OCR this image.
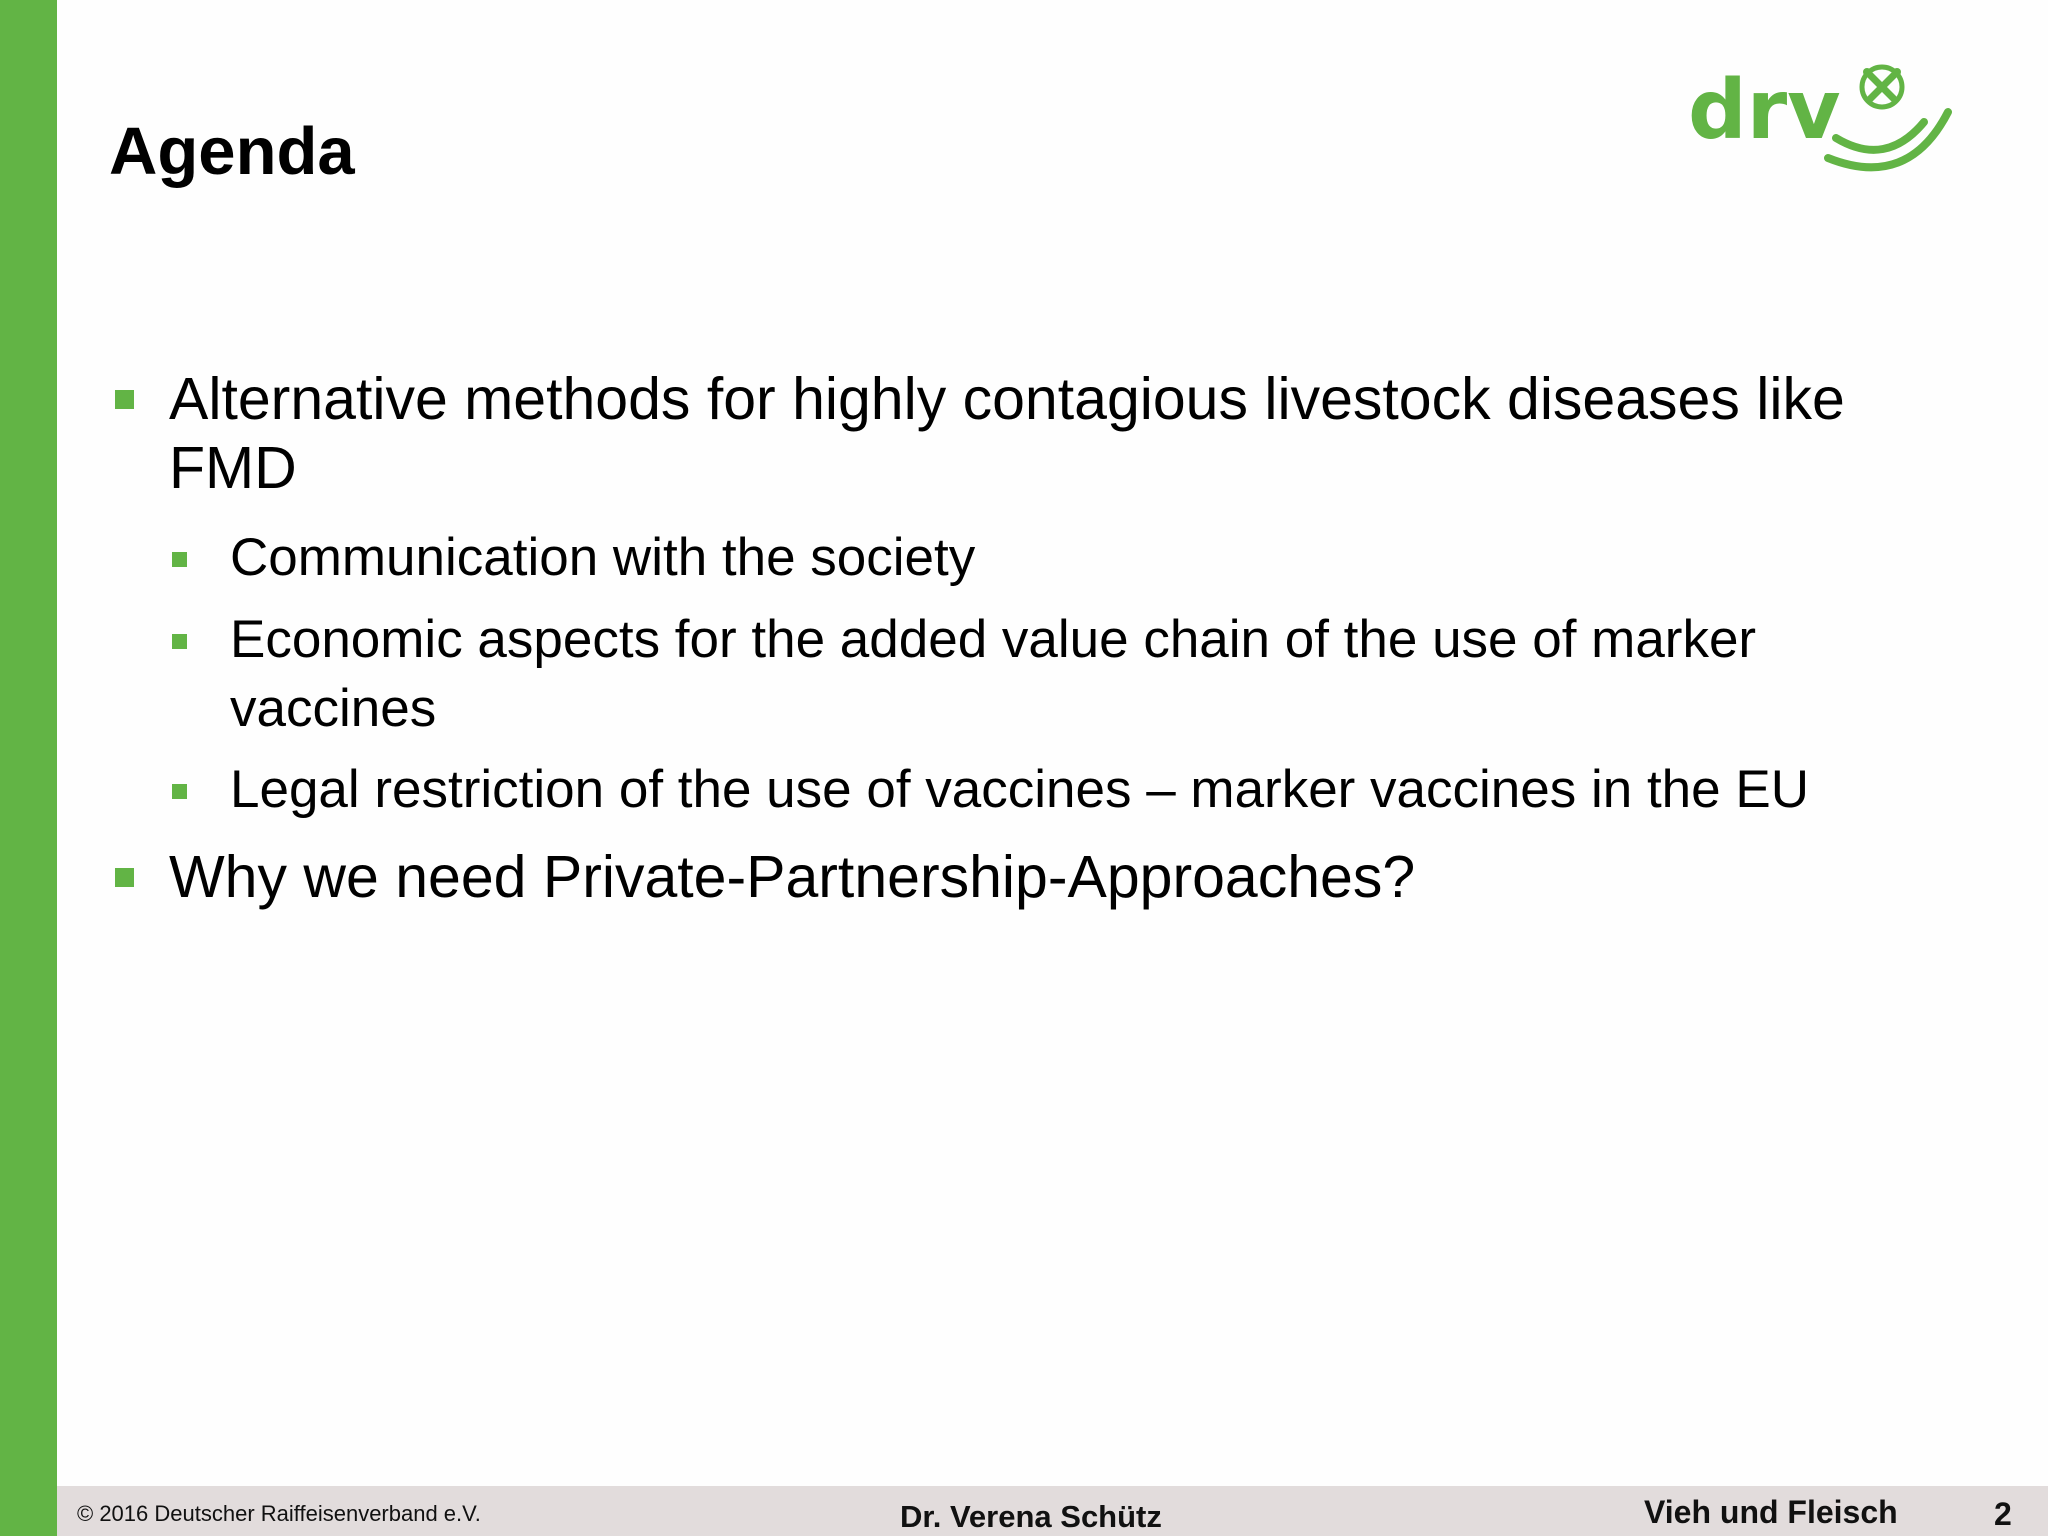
Agenda	drv
Alternative methods for highly contagious livestock diseases like
FMD
Communication with the society
Economic aspects for the added value chain of the use of marker
vaccines
Legal restriction of the use of vaccines – marker vaccines in the EU
Why we need Private-Partnership-Approaches?
© 2016 Deutscher Raiffeisenverband e.V.	Dr. Verena Schütz	Vieh und Fleisch	2
